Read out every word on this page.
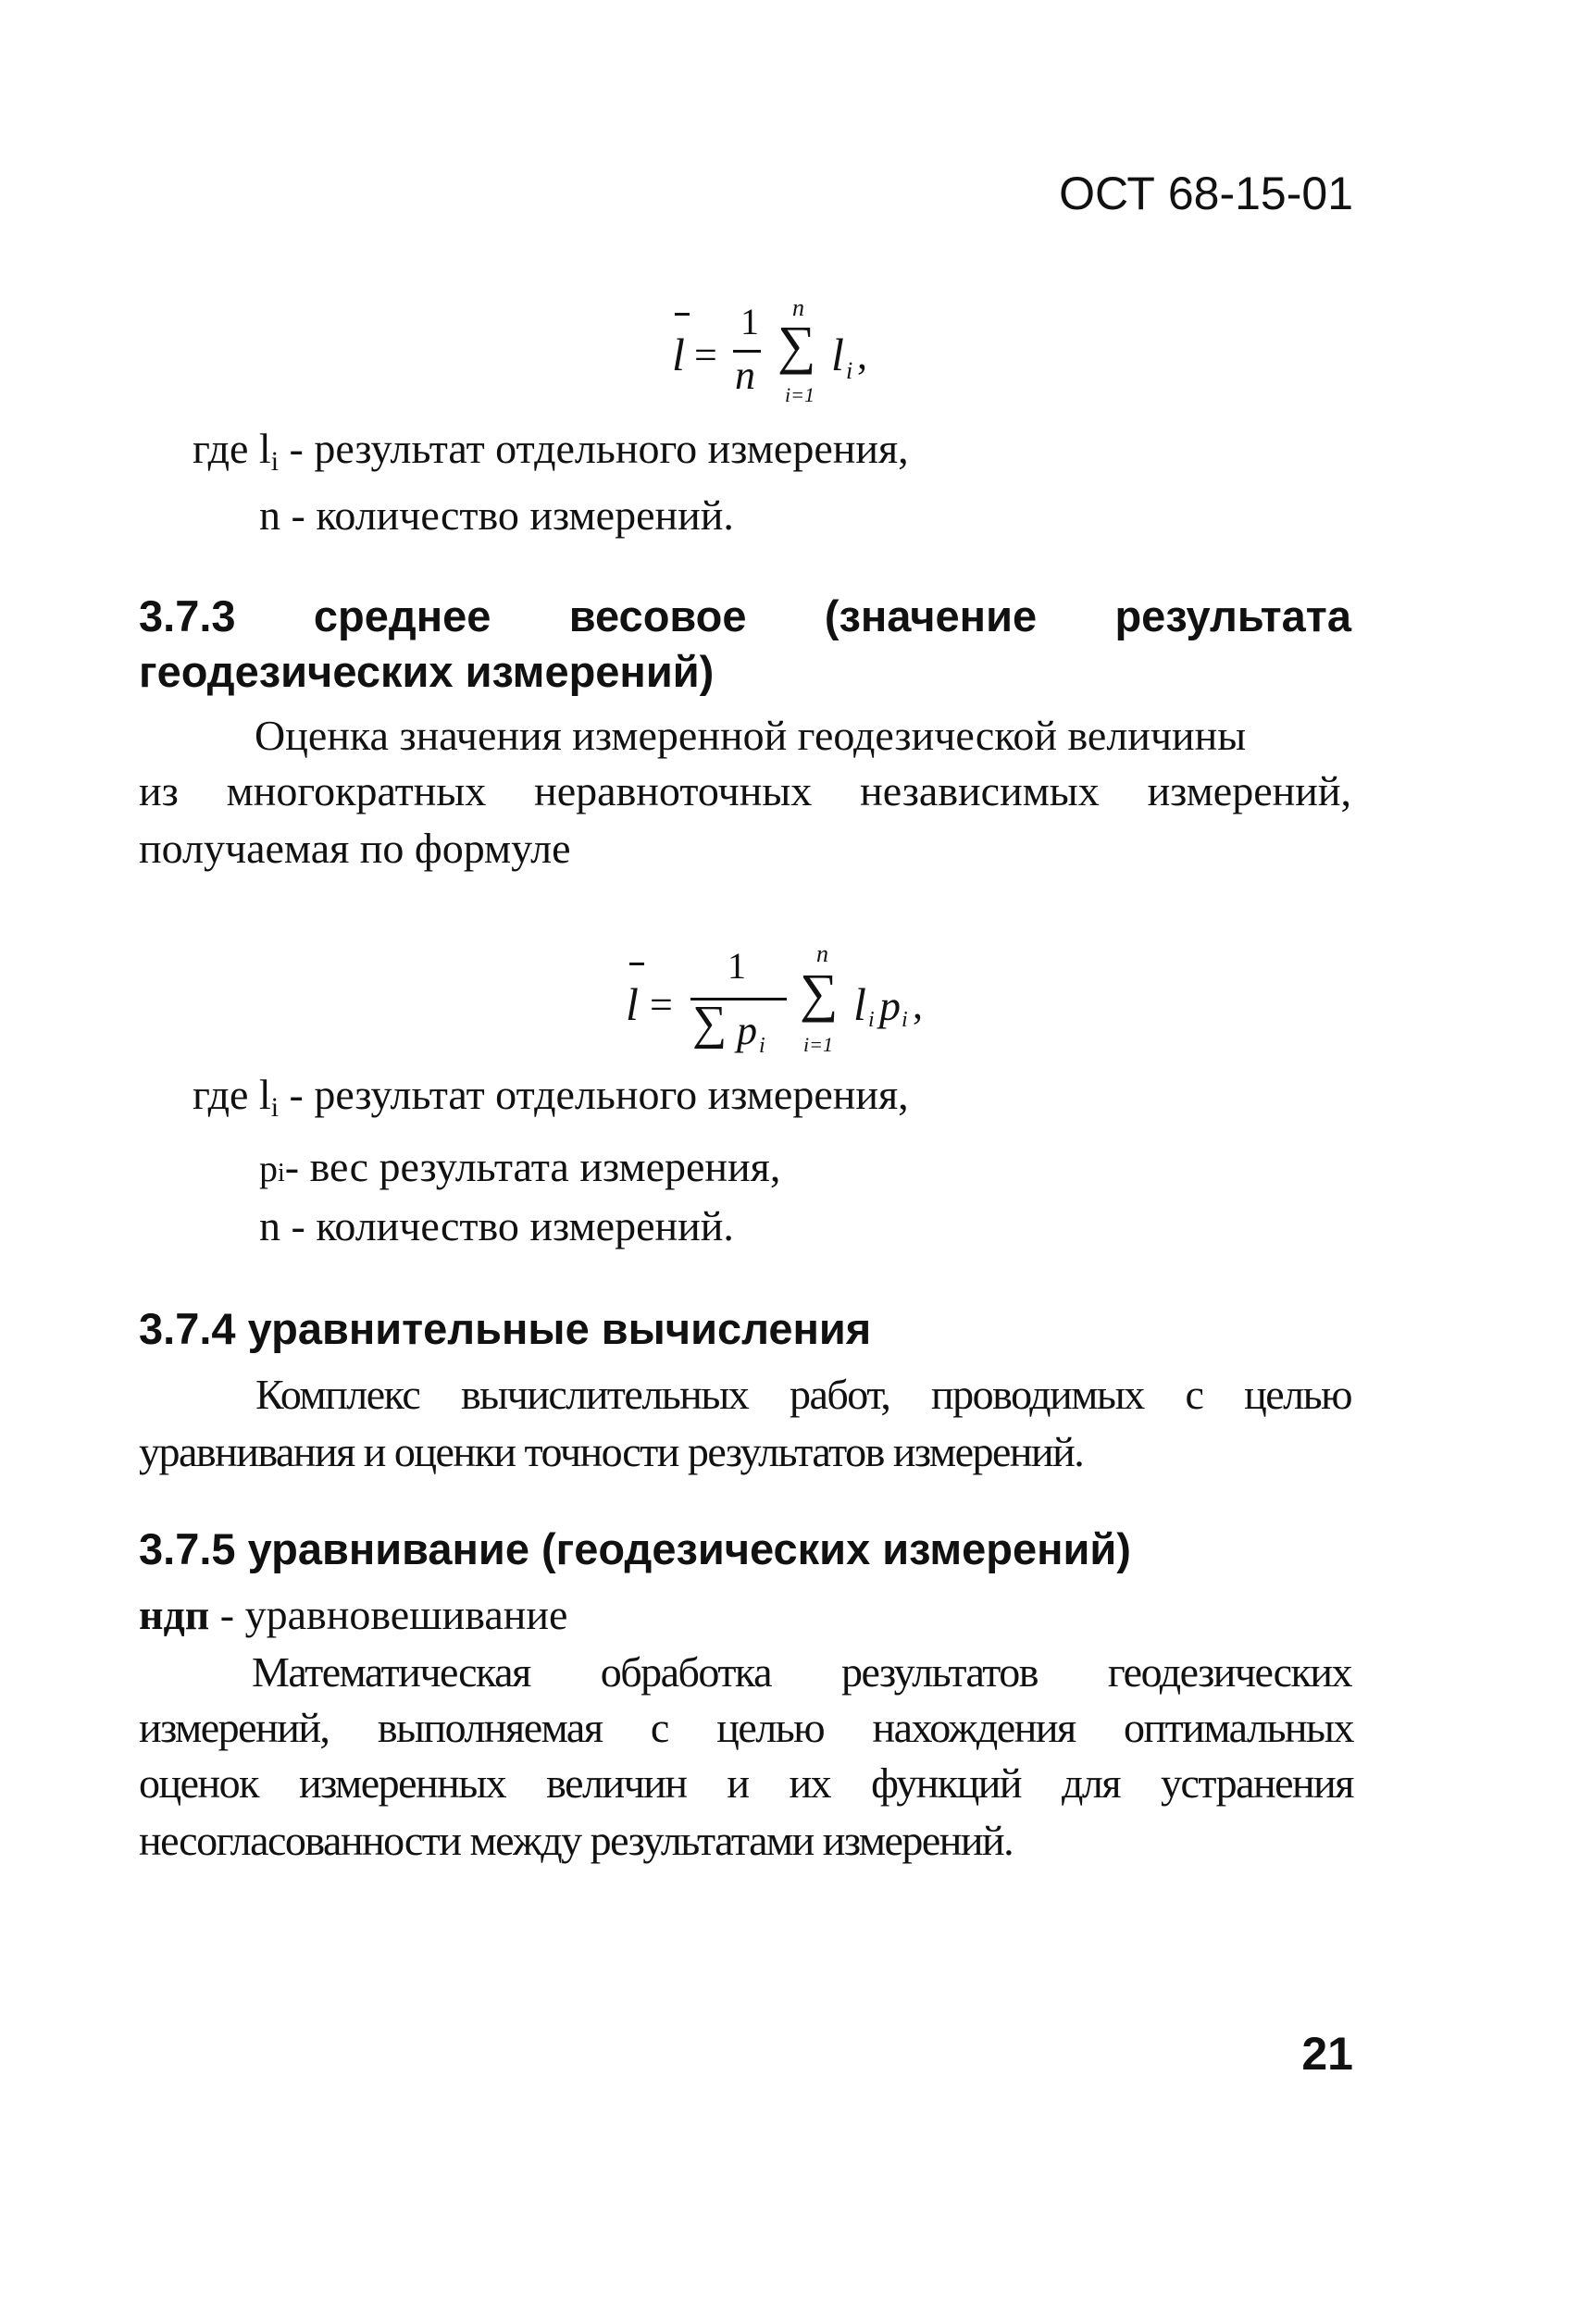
ОСТ 68-15-01
l =
1
n
n
∑
i=1
l i ,
где $l_i$ - результат отдельного измерения,
n - количество измерений.
3.7.3 среднее весовое (значение результата
геодезических измерений)
Оценка значения измеренной геодезической величины
из многократных неравноточных независимых измерений,
получаемая по формуле
l =
1
∑ p i
n
∑
i=1
l i p i ,
где $l_i$ - результат отдельного измерения,
pi- вес результата измерения,
n - количество измерений.
3.7.4 уравнительные вычисления
Комплекс вычислительных работ, проводимых с целью
уравнивания и оценки точности результатов измерений.
3.7.5 уравнивание (геодезических измерений)
ндп - уравновешивание
Математическая обработка результатов геодезических
измерений, выполняемая с целью нахождения оптимальных
оценок измеренных величин и их функций для устранения
несогласованности между результатами измерений.
21
